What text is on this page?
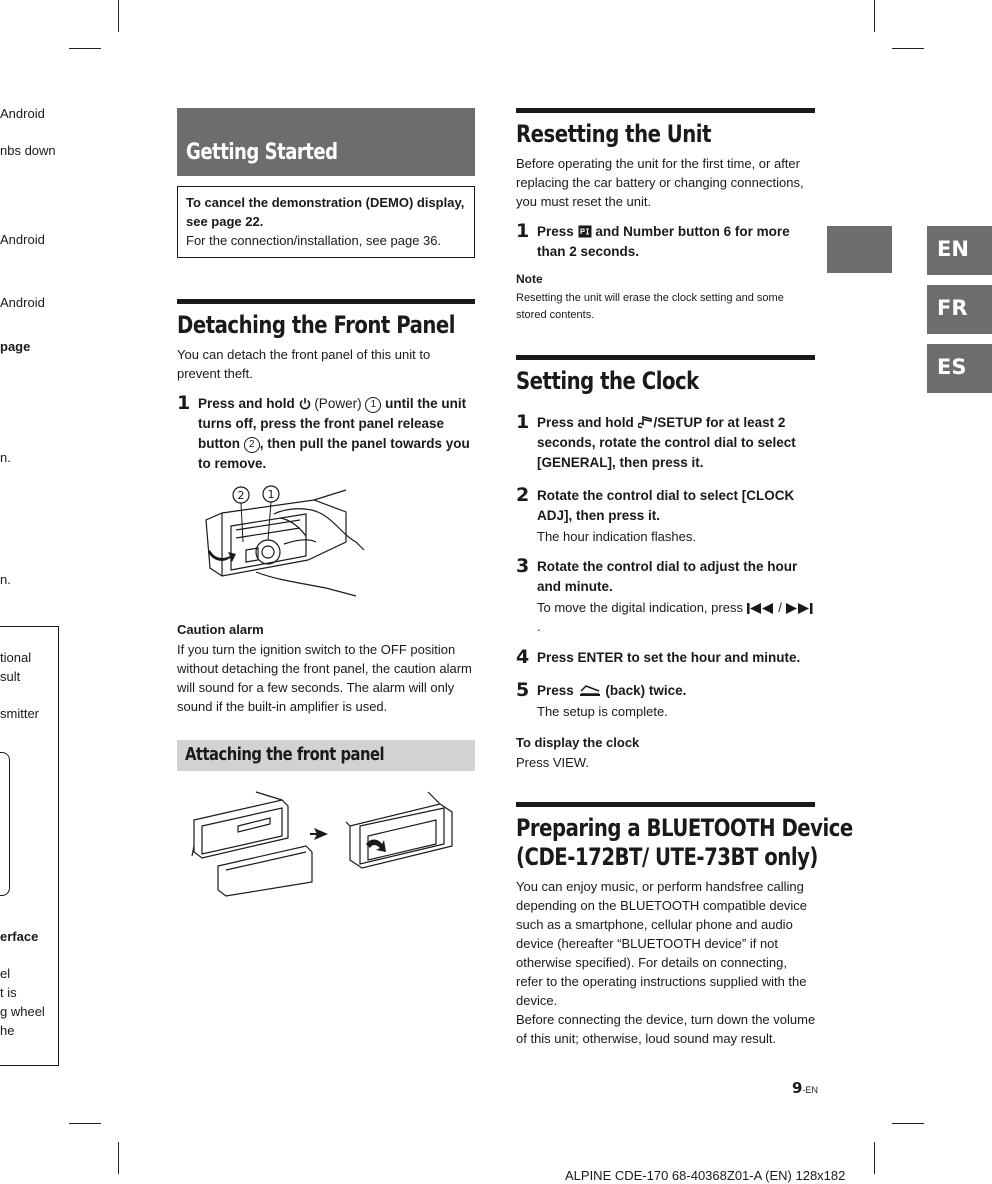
Android
nbs down
Android
Android
page
n.
n.
tional
sult
smitter
erface
el
t is
g wheel
he
Getting Started
To cancel the demonstration (DEMO) display, see page 22.
For the connection/installation, see page 36.
Detaching the Front Panel
You can detach the front panel of this unit to prevent theft.
1 Press and hold (Power) 1 until the unit turns off, press the front panel release button 2 , then pull the panel towards you to remove.
2 1
Caution alarm
If you turn the ignition switch to the OFF position without detaching the front panel, the caution alarm will sound for a few seconds. The alarm will only sound if the built-in amplifier is used.
Attaching the front panel
Resetting the Unit
Before operating the unit for the first time, or after replacing the car battery or changing connections, you must reset the unit.
1 Press and Number button 6 for more than 2 seconds.
Note
Resetting the unit will erase the clock setting and some stored contents.
Setting the Clock
1 Press and hold /SETUP for at least 2 seconds, rotate the control dial to select [GENERAL], then press it.
2 Rotate the control dial to select [CLOCK ADJ], then press it.
The hour indication flashes.
3 Rotate the control dial to adjust the hour and minute.
To move the digital indication, press  / .
4 Press ENTER to set the hour and minute.
5 Press (back) twice.
The setup is complete.
To display the clock
Press VIEW.
Preparing a BLUETOOTH Device
(CDE-172BT/ UTE-73BT only)
You can enjoy music, or perform handsfree calling depending on the BLUETOOTH compatible device such as a smartphone, cellular phone and audio device (hereafter “BLUETOOTH device” if not otherwise specified). For details on connecting, refer to the operating instructions supplied with the device.
Before connecting the device, turn down the volume of this unit; otherwise, loud sound may result.
9-EN
ALPINE CDE-170 68-40368Z01-A (EN) 128x182
EN
FR
ES
